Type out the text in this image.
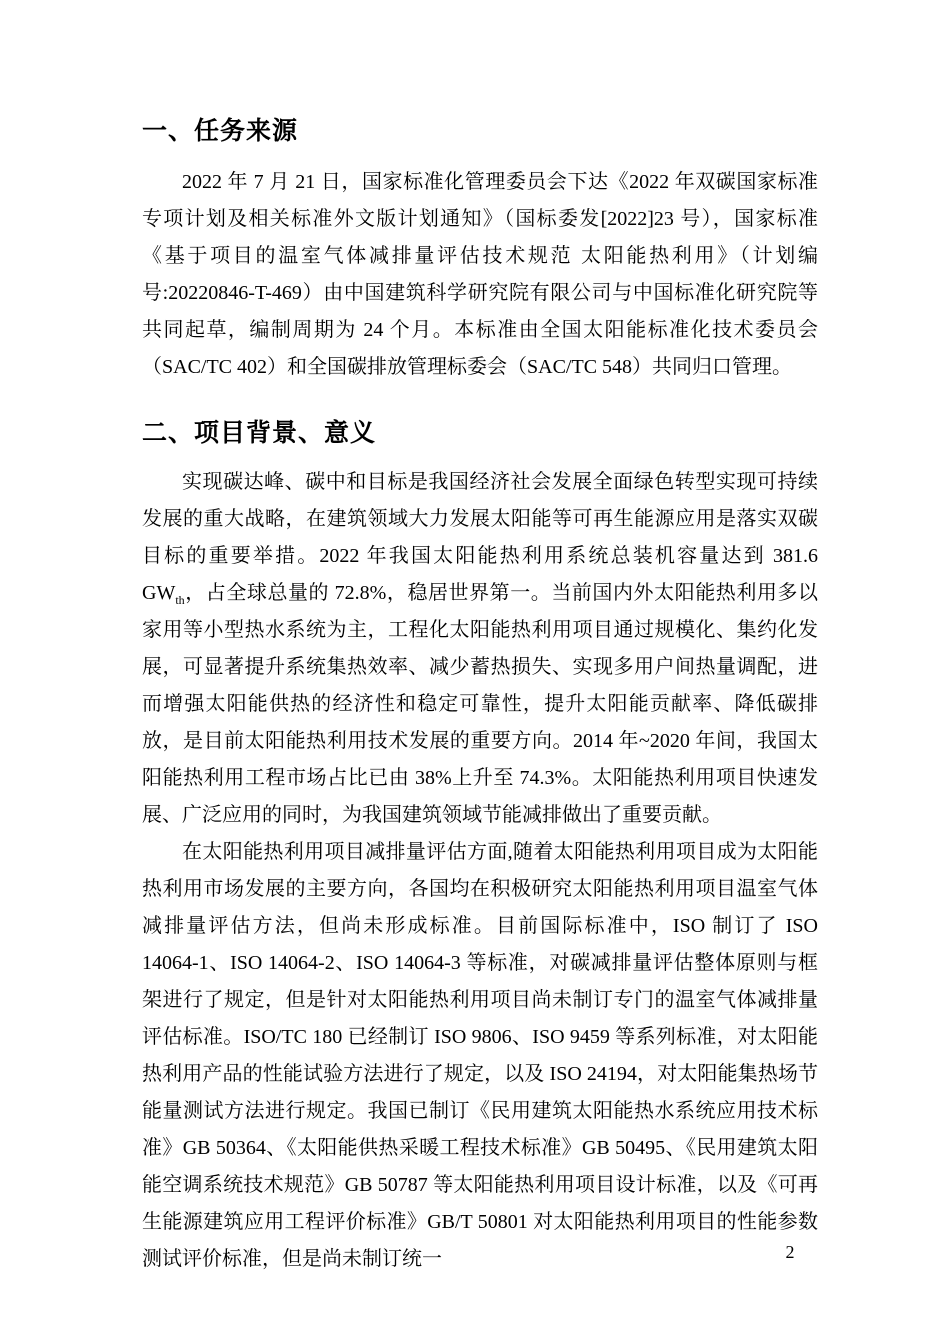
一、任务来源

2022 年 7 月 21 日，国家标准化管理委员会下达《2022 年双碳国家标准专项计划及相关标准外文版计划通知》（国标委发[2022]23 号），国家标准《基于项目的温室气体减排量评估技术规范 太阳能热利用》（计划编号:20220846-T-469）由中国建筑科学研究院有限公司与中国标准化研究院等共同起草，编制周期为 24 个月。本标准由全国太阳能标准化技术委员会（SAC/TC 402）和全国碳排放管理标委会（SAC/TC 548）共同归口管理。

二、项目背景、意义

实现碳达峰、碳中和目标是我国经济社会发展全面绿色转型实现可持续发展的重大战略，在建筑领域大力发展太阳能等可再生能源应用是落实双碳目标的重要举措。2022 年我国太阳能热利用系统总装机容量达到 381.6 $GW_{th}$，占全球总量的 72.8%，稳居世界第一。当前国内外太阳能热利用多以家用等小型热水系统为主，工程化太阳能热利用项目通过规模化、集约化发展，可显著提升系统集热效率、减少蓄热损失、实现多用户间热量调配，进而增强太阳能供热的经济性和稳定可靠性，提升太阳能贡献率、降低碳排放，是目前太阳能热利用技术发展的重要方向。2014 年~2020 年间，我国太阳能热利用工程市场占比已由 38%上升至 74.3%。太阳能热利用项目快速发展、广泛应用的同时，为我国建筑领域节能减排做出了重要贡献。

在太阳能热利用项目减排量评估方面,随着太阳能热利用项目成为太阳能热利用市场发展的主要方向，各国均在积极研究太阳能热利用项目温室气体减排量评估方法，但尚未形成标准。目前国际标准中，ISO 制订了 ISO 14064-1、ISO 14064-2、ISO 14064-3 等标准，对碳减排量评估整体原则与框架进行了规定，但是针对太阳能热利用项目尚未制订专门的温室气体减排量评估标准。ISO/TC 180 已经制订 ISO 9806、ISO 9459 等系列标准，对太阳能热利用产品的性能试验方法进行了规定，以及 ISO 24194，对太阳能集热场节能量测试方法进行规定。我国已制订《民用建筑太阳能热水系统应用技术标准》GB 50364、《太阳能供热采暖工程技术标准》GB 50495、《民用建筑太阳能空调系统技术规范》GB 50787 等太阳能热利用项目设计标准，以及《可再生能源建筑应用工程评价标准》GB/T 50801 对太阳能热利用项目的性能参数测试评价标准，但是尚未制订统一	2
